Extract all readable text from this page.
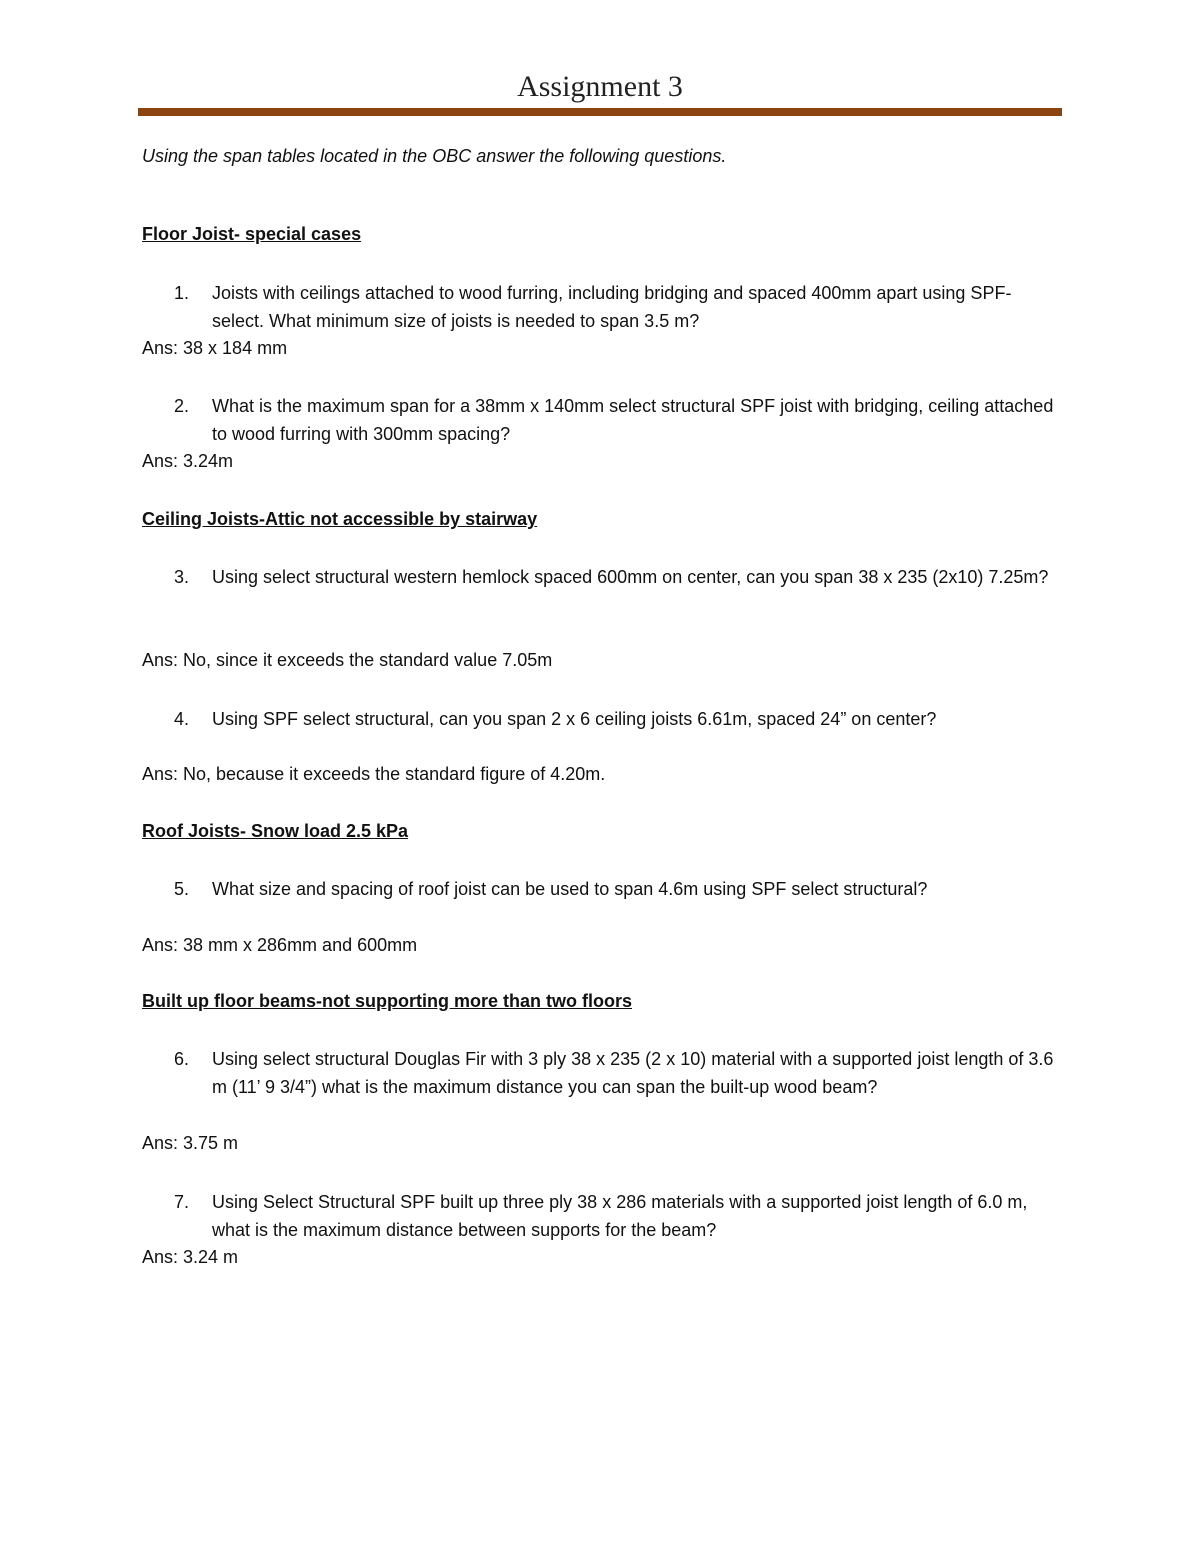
Assignment 3
Using the span tables located in the OBC answer the following questions.
Floor Joist- special cases
1. Joists with ceilings attached to wood furring, including bridging and spaced 400mm apart using SPF-select. What minimum size of joists is needed to span 3.5 m?
Ans: 38 x 184 mm
2. What is the maximum span for a 38mm x 140mm select structural SPF joist with bridging, ceiling attached to wood furring with 300mm spacing?
Ans: 3.24m
Ceiling Joists-Attic not accessible by stairway
3. Using select structural western hemlock spaced 600mm on center, can you span 38 x 235 (2x10) 7.25m?
Ans: No, since it exceeds the standard value 7.05m
4. Using SPF select structural, can you span 2 x 6 ceiling joists 6.61m, spaced 24” on center?
Ans: No, because it exceeds the standard figure of 4.20m.
Roof Joists- Snow load 2.5 kPa
5. What size and spacing of roof joist can be used to span 4.6m using SPF select structural?
Ans: 38 mm x 286mm and 600mm
Built up floor beams-not supporting more than two floors
6. Using select structural Douglas Fir with 3 ply 38 x 235 (2 x 10) material with a supported joist length of 3.6 m (11’ 9 3/4”) what is the maximum distance you can span the built-up wood beam?
Ans: 3.75 m
7. Using Select Structural SPF built up three ply 38 x 286 materials with a supported joist length of 6.0 m, what is the maximum distance between supports for the beam?
Ans: 3.24 m
